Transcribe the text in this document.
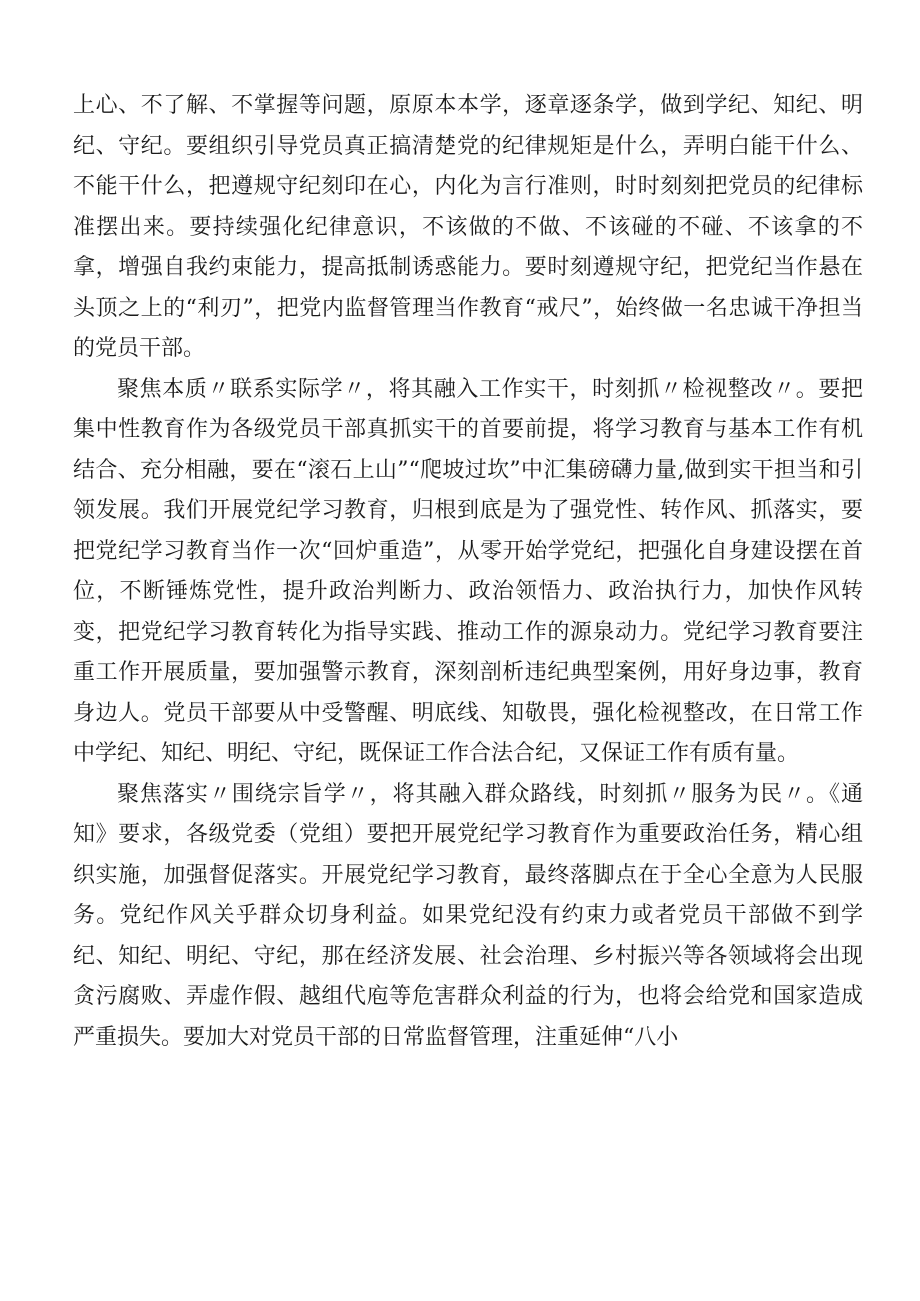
上心、不了解、不掌握等问题，原原本本学，逐章逐条学，做到学纪、知纪、明纪、守纪。要组织引导党员真正搞清楚党的纪律规矩是什么，弄明白能干什么、不能干什么，把遵规守纪刻印在心，内化为言行准则，时时刻刻把党员的纪律标准摆出来。要持续强化纪律意识，不该做的不做、不该碰的不碰、不该拿的不拿，增强自我约束能力，提高抵制诱惑能力。要时刻遵规守纪，把党纪当作悬在头顶之上的“利刃”，把党内监督管理当作教育“戒尺”，始终做一名忠诚干净担当的党员干部。

聚焦本质〃联系实际学〃，将其融入工作实干，时刻抓〃检视整改〃。要把集中性教育作为各级党员干部真抓实干的首要前提，将学习教育与基本工作有机结合、充分相融，要在“滚石上山”“爬坡过坎”中汇集磅礴力量,做到实干担当和引领发展。我们开展党纪学习教育，归根到底是为了强党性、转作风、抓落实，要把党纪学习教育当作一次“回炉重造”，从零开始学党纪，把强化自身建设摆在首位，不断锤炼党性，提升政治判断力、政治领悟力、政治执行力，加快作风转变，把党纪学习教育转化为指导实践、推动工作的源泉动力。党纪学习教育要注重工作开展质量，要加强警示教育，深刻剖析违纪典型案例，用好身边事，教育身边人。党员干部要从中受警醒、明底线、知敬畏，强化检视整改，在日常工作中学纪、知纪、明纪、守纪，既保证工作合法合纪，又保证工作有质有量。

聚焦落实〃围绕宗旨学〃，将其融入群众路线，时刻抓〃服务为民〃。《通知》要求，各级党委（党组）要把开展党纪学习教育作为重要政治任务，精心组织实施，加强督促落实。开展党纪学习教育，最终落脚点在于全心全意为人民服务。党纪作风关乎群众切身利益。如果党纪没有约束力或者党员干部做不到学纪、知纪、明纪、守纪，那在经济发展、社会治理、乡村振兴等各领域将会出现贪污腐败、弄虚作假、越组代庖等危害群众利益的行为，也将会给党和国家造成严重损失。要加大对党员干部的日常监督管理，注重延伸“八小
